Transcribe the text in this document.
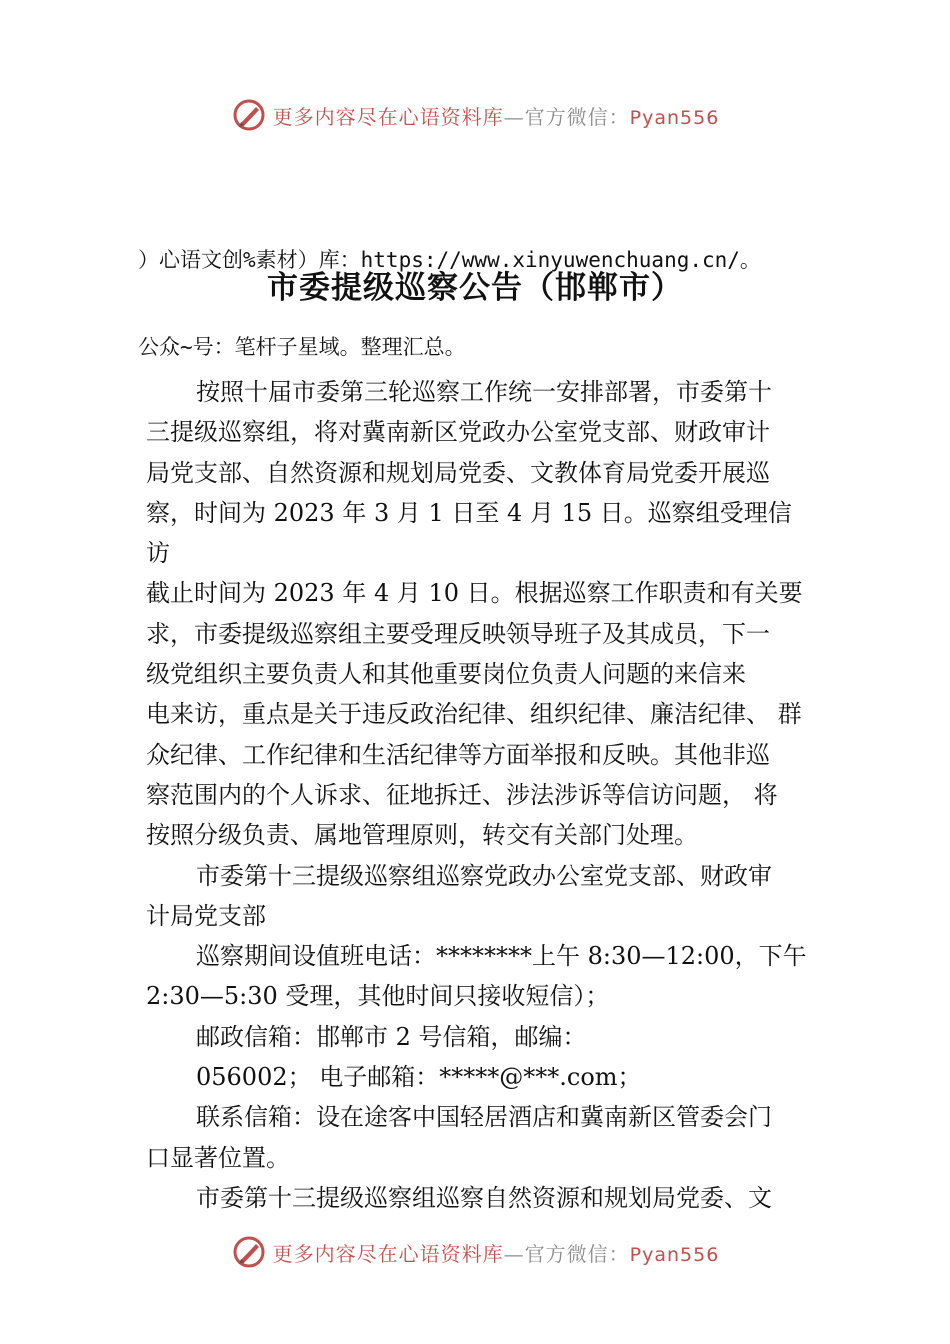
更多内容尽在心语资料库—官方微信：Pyan556

）心语文创%素材）库：https://www.xinyuwenchuang.cn/。

公众~号：笔杆子星域。整理汇总。

市委提级巡察公告（邯郸市）
按照十届市委第三轮巡察工作统一安排部署，市委第十
三提级巡察组，将对冀南新区党政办公室党支部、财政审计
局党支部、自然资源和规划局党委、文教体育局党委开展巡
察，时间为 2023 年 3 月 1 日至 4 月 15 日。巡察组受理信
访
截止时间为 2023 年 4 月 10 日。根据巡察工作职责和有关要
求，市委提级巡察组主要受理反映领导班子及其成员，下一
级党组织主要负责人和其他重要岗位负责人问题的来信来
电来访，重点是关于违反政治纪律、组织纪律、廉洁纪律、 群
众纪律、工作纪律和生活纪律等方面举报和反映。其他非巡
察范围内的个人诉求、征地拆迁、涉法涉诉等信访问题， 将
按照分级负责、属地管理原则，转交有关部门处理。
市委第十三提级巡察组巡察党政办公室党支部、财政审
计局党支部
巡察期间设值班电话：********上午 8:30—12:00，下午
2:30—5:30 受理，其他时间只接收短信）；
邮政信箱：邯郸市 2 号信箱，邮编：
056002； 电子邮箱：*****@***.com；
联系信箱：设在途客中国轻居酒店和冀南新区管委会门
口显著位置。
市委第十三提级巡察组巡察自然资源和规划局党委、文
更多内容尽在心语资料库—官方微信：Pyan556
